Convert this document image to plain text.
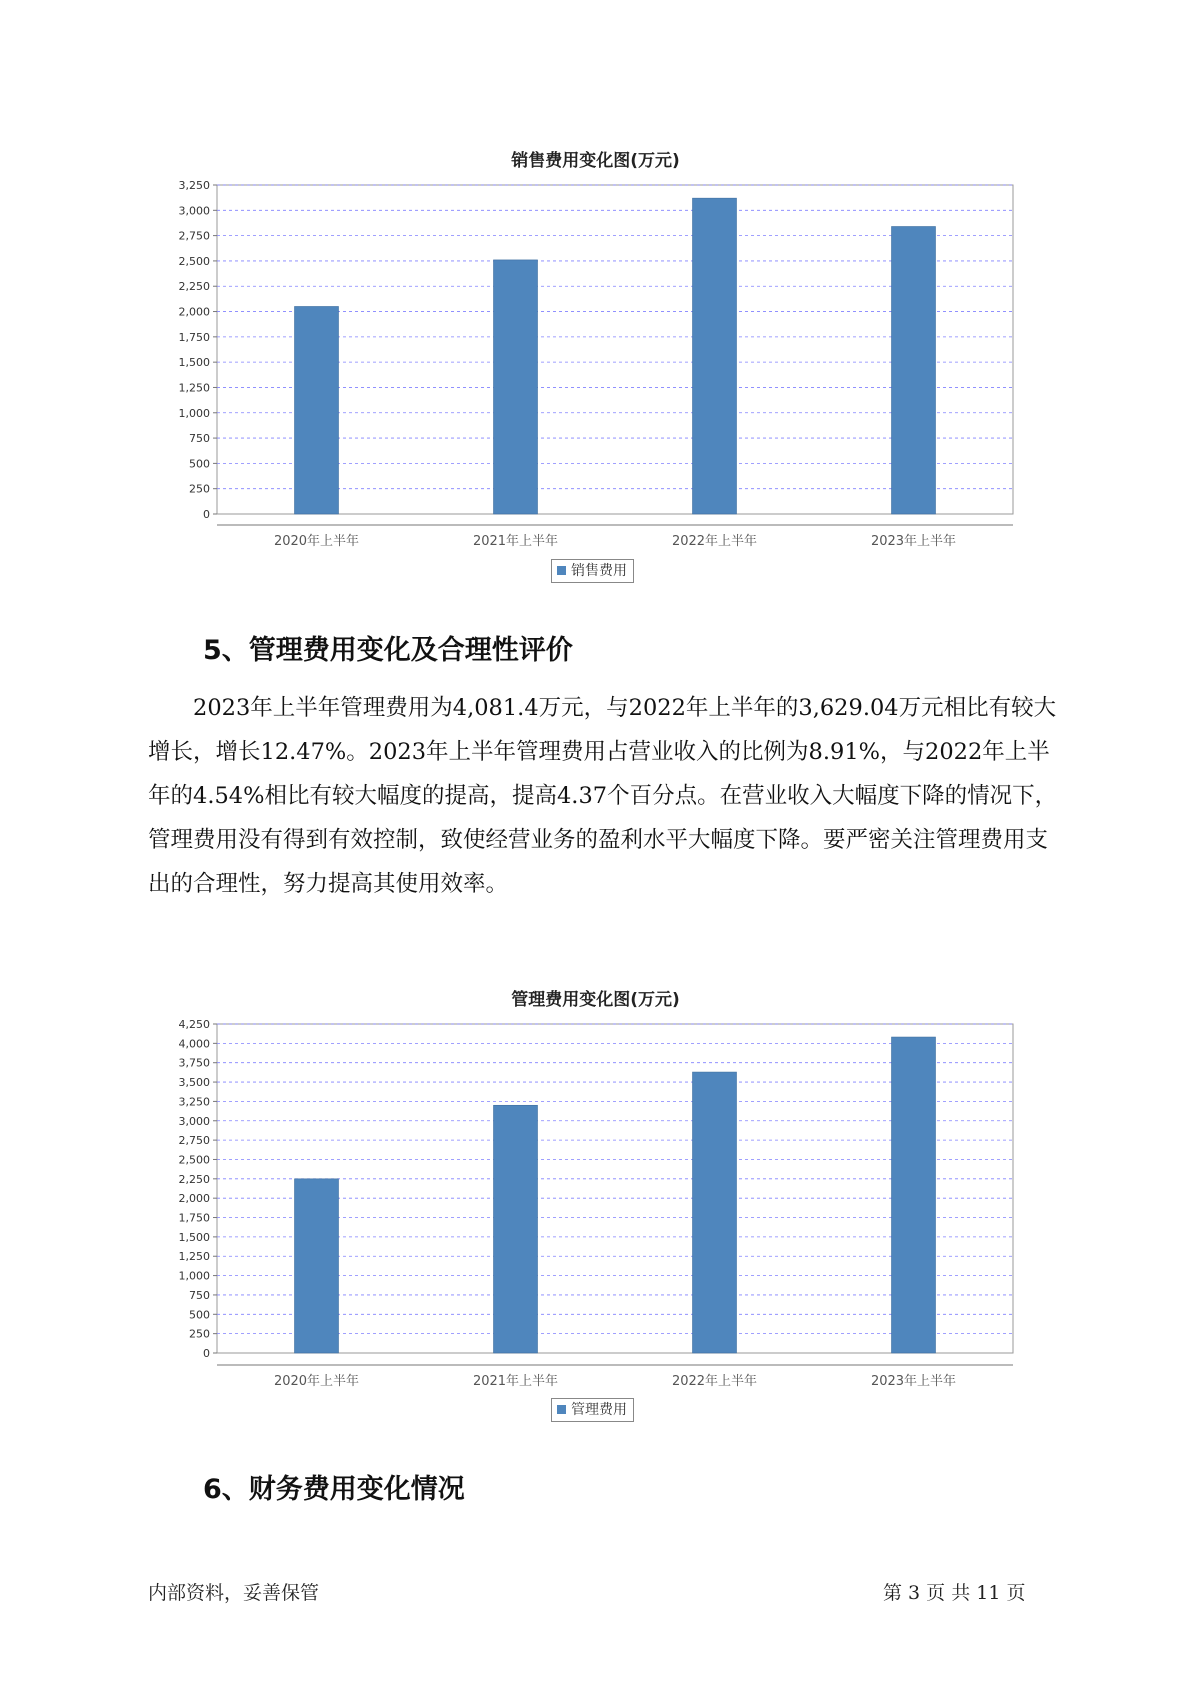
销售费用变化图(万元)
0
250
500
750
1,000
1,250
1,500
1,750
2,000
2,250
2,500
2,750
3,000
3,250
2020年上半年	2021年上半年	2022年上半年	2023年上半年
销售费用
5、管理费用变化及合理性评价

2023年上半年管理费用为4,081.4万元，与2022年上半年的3,629.04万元相比有较大增长，增长12.47%。2023年上半年管理费用占营业收入的比例为8.91%，与2022年上半年的4.54%相比有较大幅度的提高，提高4.37个百分点。在营业收入大幅度下降的情况下，管理费用没有得到有效控制，致使经营业务的盈利水平大幅度下降。要严密关注管理费用支出的合理性，努力提高其使用效率。

管理费用变化图(万元)
0
250
500
750
1,000
1,250
1,500
1,750
2,000
2,250
2,500
2,750
3,000
3,250
3,500
3,750
4,000
4,250
2020年上半年	2021年上半年	2022年上半年	2023年上半年
管理费用
6、财务费用变化情况
内部资料，妥善保管	第 3 页 共 11 页
